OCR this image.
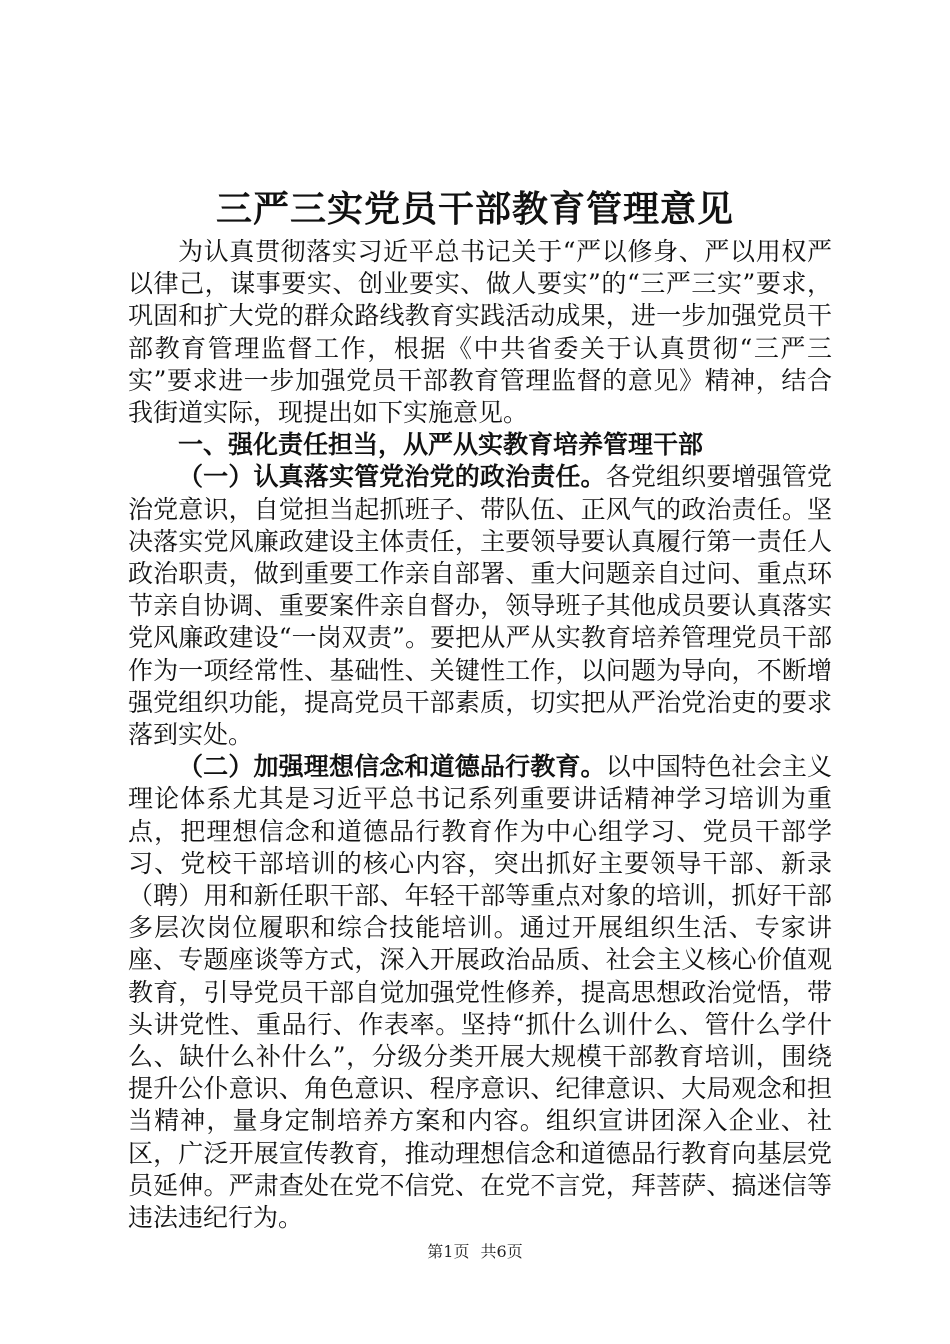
三严三实党员干部教育管理意见

为认真贯彻落实习近平总书记关于“严以修身、严以用权严以律己，谋事要实、创业要实、做人要实”的“三严三实”要求，巩固和扩大党的群众路线教育实践活动成果，进一步加强党员干部教育管理监督工作，根据《中共省委关于认真贯彻“三严三实”要求进一步加强党员干部教育管理监督的意见》精神，结合我街道实际，现提出如下实施意见。

一、强化责任担当，从严从实教育培养管理干部

（一）认真落实管党治党的政治责任。各党组织要增强管党治党意识，自觉担当起抓班子、带队伍、正风气的政治责任。坚决落实党风廉政建设主体责任，主要领导要认真履行第一责任人政治职责，做到重要工作亲自部署、重大问题亲自过问、重点环节亲自协调、重要案件亲自督办，领导班子其他成员要认真落实党风廉政建设“一岗双责”。要把从严从实教育培养管理党员干部作为一项经常性、基础性、关键性工作，以问题为导向，不断增强党组织功能，提高党员干部素质，切实把从严治党治吏的要求落到实处。

（二）加强理想信念和道德品行教育。以中国特色社会主义理论体系尤其是习近平总书记系列重要讲话精神学习培训为重点，把理想信念和道德品行教育作为中心组学习、党员干部学习、党校干部培训的核心内容，突出抓好主要领导干部、新录（聘）用和新任职干部、年轻干部等重点对象的培训，抓好干部多层次岗位履职和综合技能培训。通过开展组织生活、专家讲座、专题座谈等方式，深入开展政治品质、社会主义核心价值观教育，引导党员干部自觉加强党性修养，提高思想政治觉悟，带头讲党性、重品行、作表率。坚持“抓什么训什么、管什么学什么、缺什么补什么”，分级分类开展大规模干部教育培训，围绕提升公仆意识、角色意识、程序意识、纪律意识、大局观念和担当精神，量身定制培养方案和内容。组织宣讲团深入企业、社区，广泛开展宣传教育，推动理想信念和道德品行教育向基层党员延伸。严肃查处在党不信党、在党不言党，拜菩萨、搞迷信等违法违纪行为。

第1页 共6页
